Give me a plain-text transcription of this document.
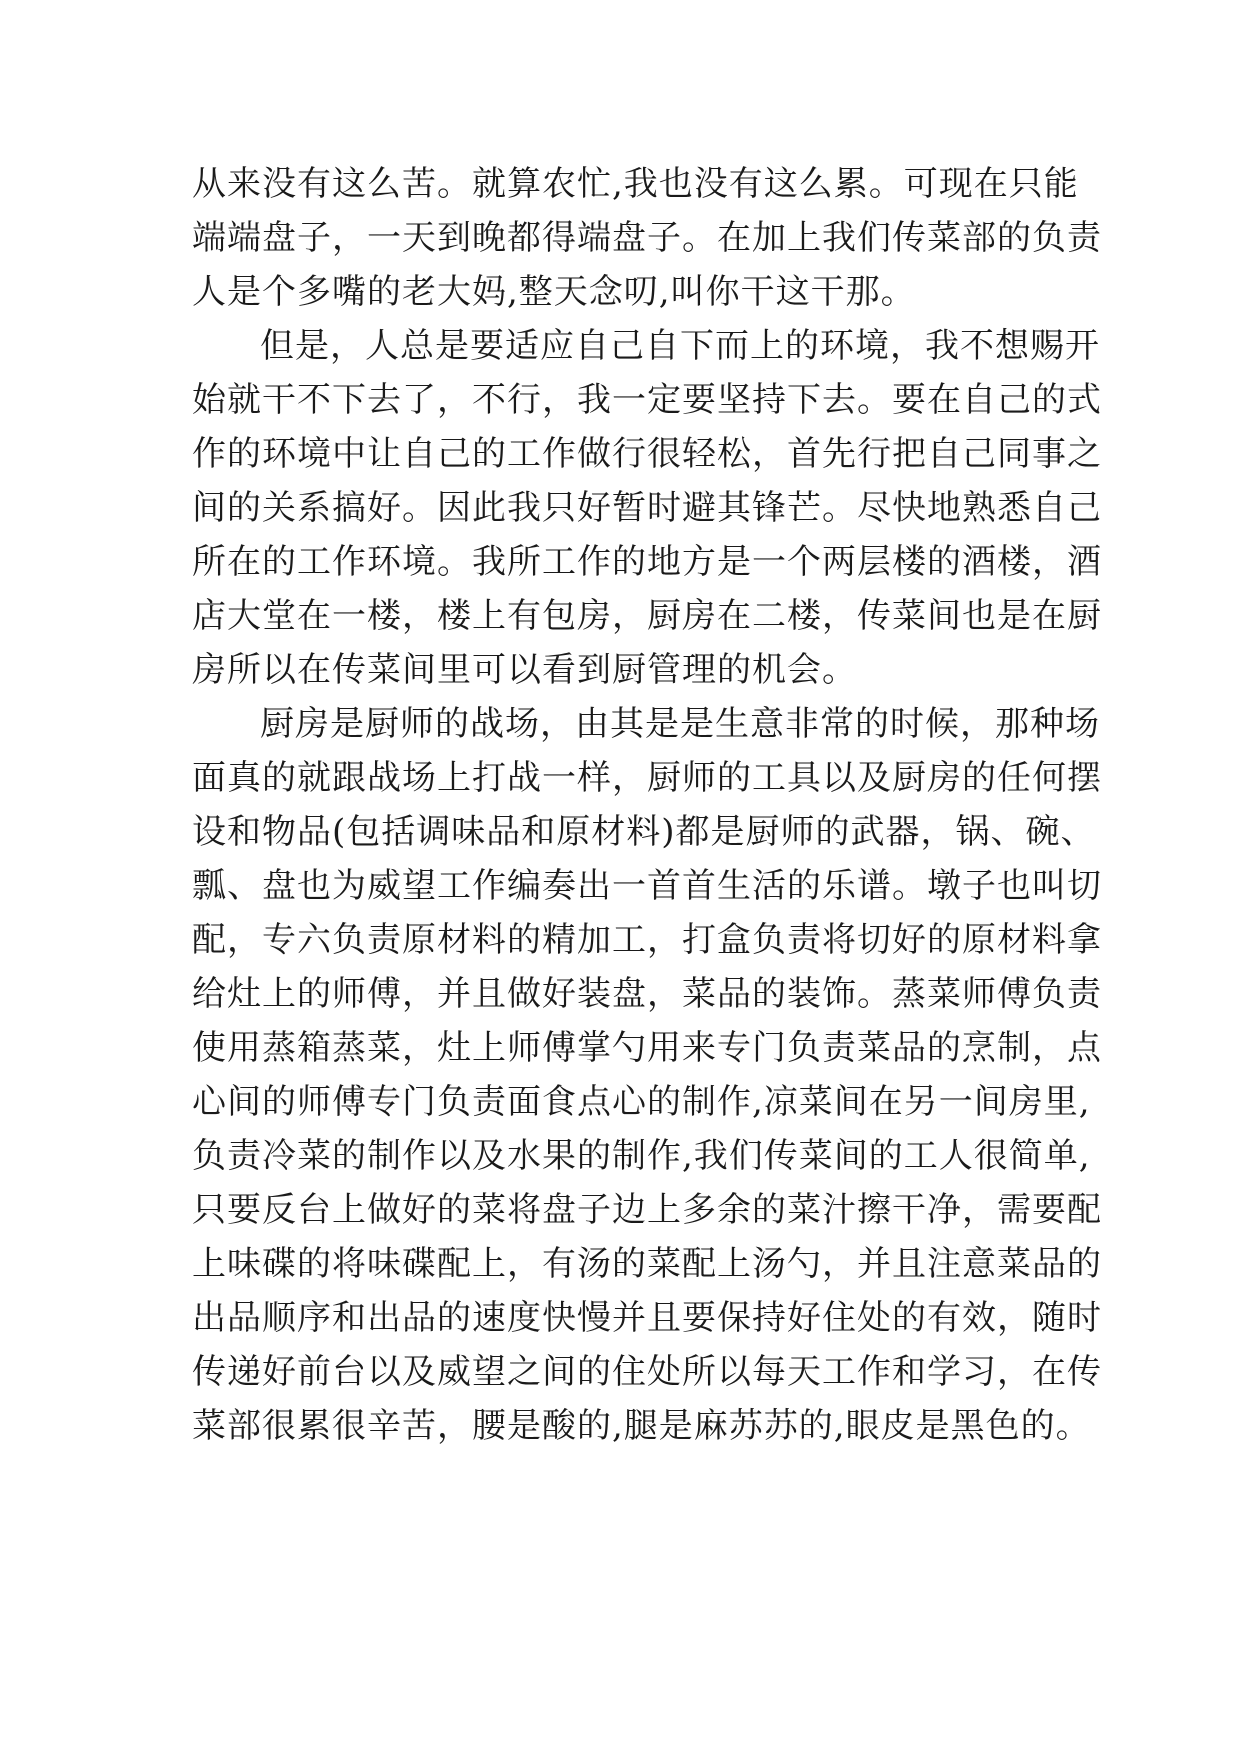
从来没有这么苦。就算农忙,我也没有这么累。可现在只能
端端盘子，一天到晚都得端盘子。在加上我们传菜部的负责
人是个多嘴的老大妈,整天念叨,叫你干这干那。
但是，人总是要适应自己自下而上的环境，我不想赐开
始就干不下去了，不行，我一定要坚持下去。要在自己的式
作的环境中让自己的工作做行很轻松，首先行把自己同事之
间的关系搞好。因此我只好暂时避其锋芒。尽快地熟悉自己
所在的工作环境。我所工作的地方是一个两层楼的酒楼，酒
店大堂在一楼，楼上有包房，厨房在二楼，传菜间也是在厨
房所以在传菜间里可以看到厨管理的机会。
厨房是厨师的战场，由其是是生意非常的时候，那种场
面真的就跟战场上打战一样，厨师的工具以及厨房的任何摆
设和物品(包括调味品和原材料)都是厨师的武器，锅、碗、
瓢、盘也为威望工作编奏出一首首生活的乐谱。墩子也叫切
配，专六负责原材料的精加工，打盒负责将切好的原材料拿
给灶上的师傅，并且做好装盘，菜品的装饰。蒸菜师傅负责
使用蒸箱蒸菜，灶上师傅掌勺用来专门负责菜品的烹制，点
心间的师傅专门负责面食点心的制作,凉菜间在另一间房里,
负责冷菜的制作以及水果的制作,我们传菜间的工人很简单,
只要反台上做好的菜将盘子边上多余的菜汁擦干净，需要配
上味碟的将味碟配上，有汤的菜配上汤勺，并且注意菜品的
出品顺序和出品的速度快慢并且要保持好住处的有效，随时
传递好前台以及威望之间的住处所以每天工作和学习，在传
菜部很累很辛苦，腰是酸的,腿是麻苏苏的,眼皮是黑色的。
